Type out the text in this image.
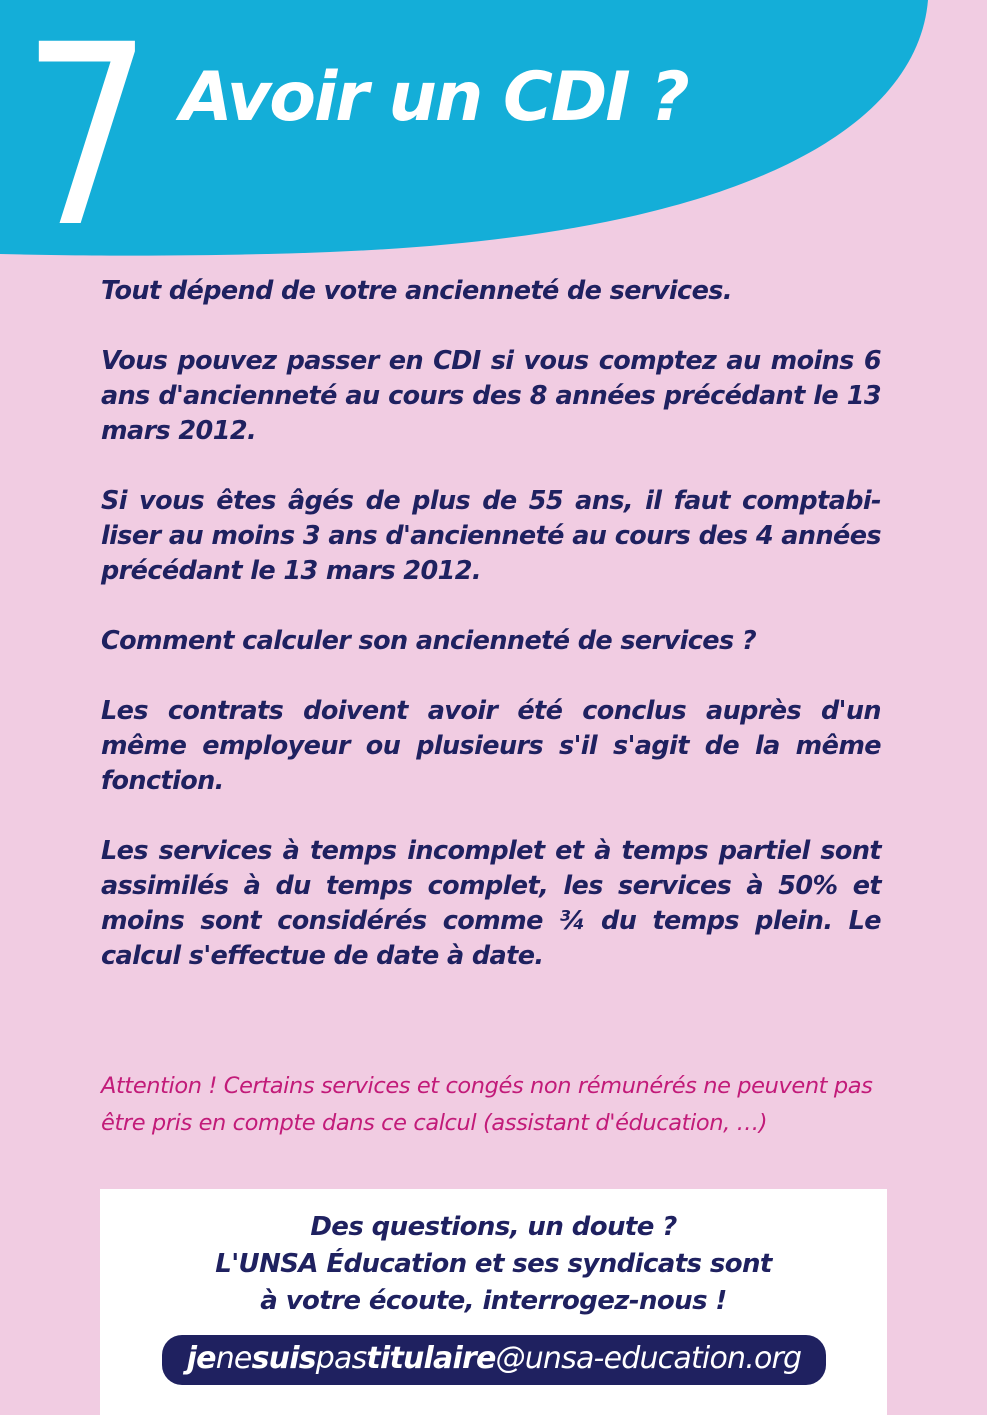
7 Avoir un CDI ?

Tout dépend de votre ancienneté de services.

Vous pouvez passer en CDI si vous comptez au moins 6 ans d'ancienneté au cours des 8 années précédant le 13 mars 2012.

Si vous êtes âgés de plus de 55 ans, il faut comptabi-liser au moins 3 ans d'ancienneté au cours des 4 années précédant le 13 mars 2012.

Comment calculer son ancienneté de services ?

Les contrats doivent avoir été conclus auprès d'un même employeur ou plusieurs s'il s'agit de la même fonction.

Les services à temps incomplet et à temps partiel sont assimilés à du temps complet, les services à 50% et moins sont considérés comme ¾ du temps plein. Le calcul s'effectue de date à date.

Attention ! Certains services et congés non rémunérés ne peuvent pas être pris en compte dans ce calcul (assistant d'éducation, …)

Des questions, un doute ?
L'UNSA Éducation et ses syndicats sont
à votre écoute, interrogez-nous !
jenesuispastitulaire@unsa-education.org
